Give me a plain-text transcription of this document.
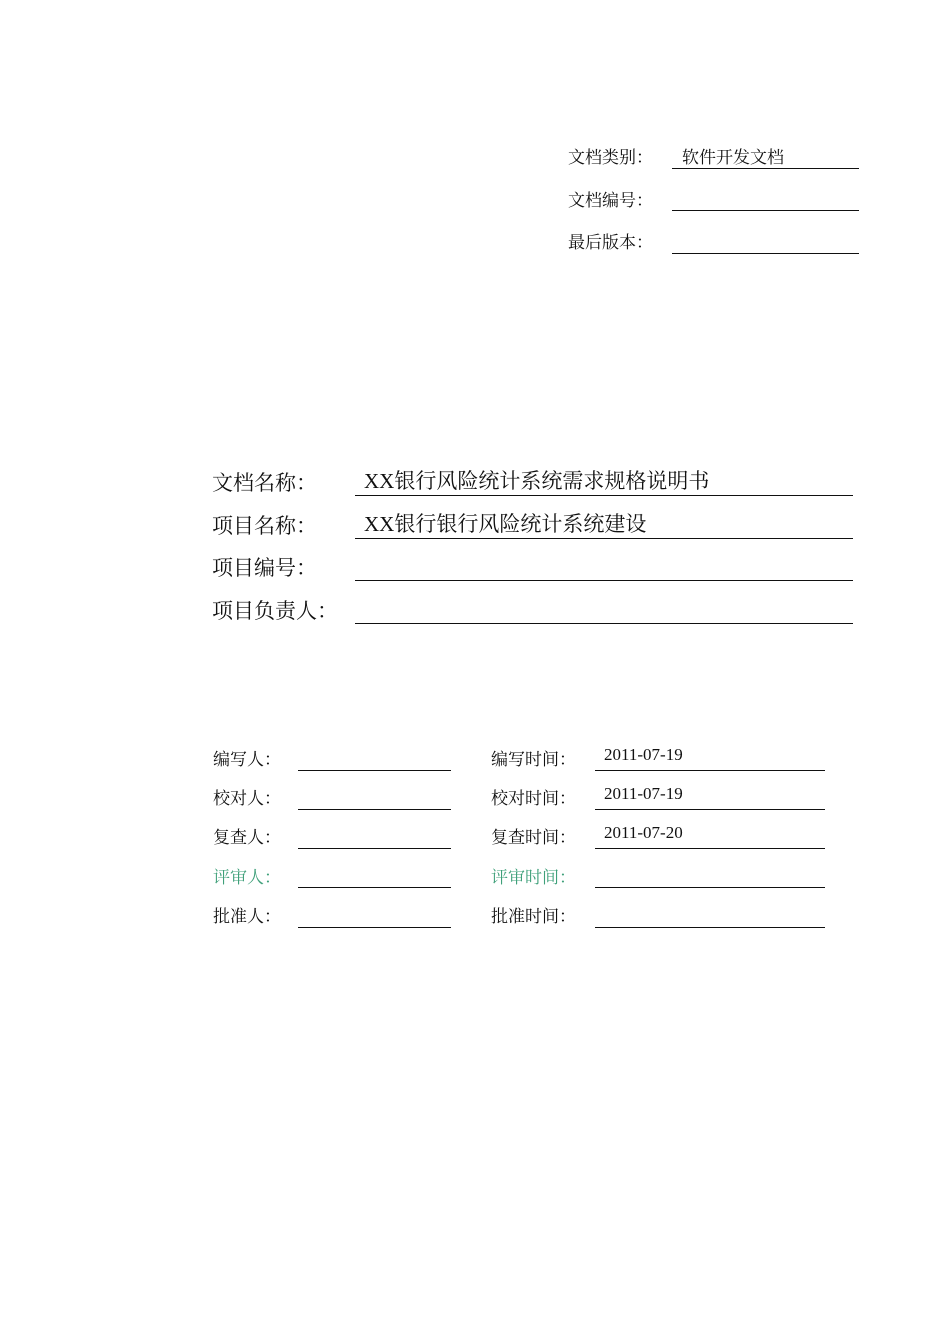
文档类别： 软件开发文档
文档编号：
最后版本：
文档名称： XX银行风险统计系统需求规格说明书
项目名称： XX银行银行风险统计系统建设
项目编号：
项目负责人：
编写人：	编写时间： 2011-07-19
校对人：	校对时间： 2011-07-19
复查人：	复查时间： 2011-07-20
评审人：	评审时间：
批准人：	批准时间：
